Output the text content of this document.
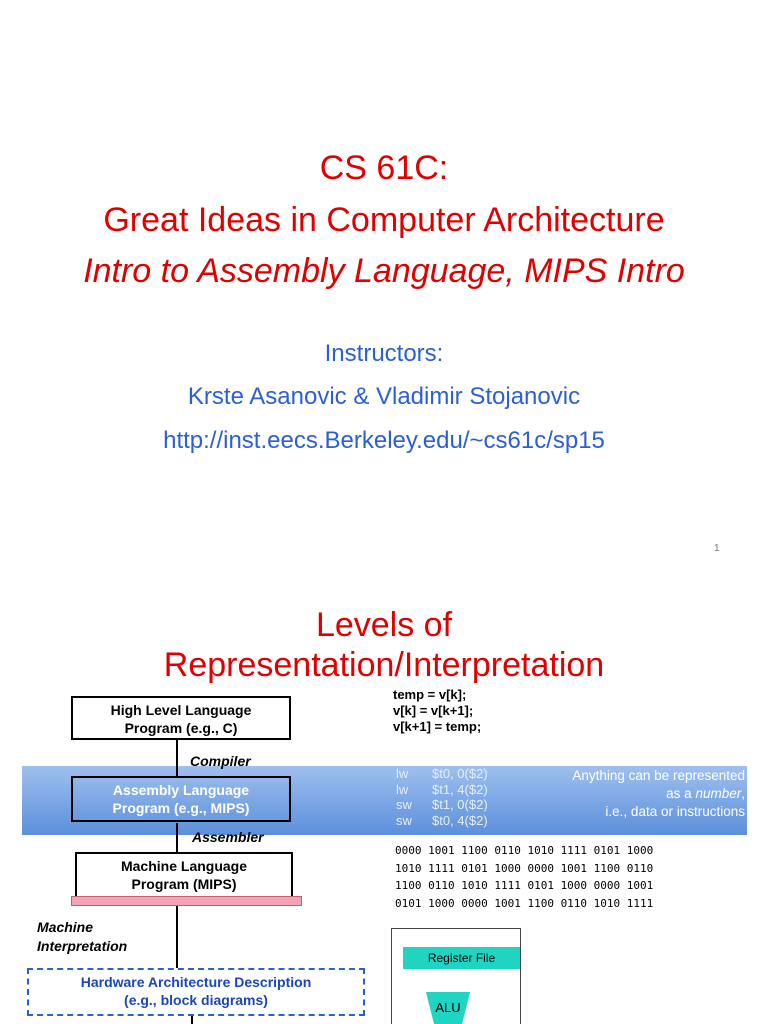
CS 61C:
Great Ideas in Computer Architecture
Intro to Assembly Language, MIPS Intro
Instructors:
Krste Asanovic & Vladimir Stojanovic
http://inst.eecs.Berkeley.edu/~cs61c/sp15
1
Levels of
Representation/Interpretation
High Level Language
Program (e.g., C)
Compiler
Assembly Language
Program (e.g., MIPS)
Assembler
Machine Language
Program (MIPS)
Machine
Interpretation
Hardware Architecture Description
(e.g., block diagrams)
temp = v[k];
v[k] = v[k+1];
v[k+1] = temp;
lw $t0, 0($2)
lw $t1, 4($2)
sw $t1, 0($2)
sw $t0, 4($2)
Anything can be represented
as a number,
i.e., data or instructions
0000 1001 1100 0110 1010 1111 0101 1000
1010 1111 0101 1000 0000 1001 1100 0110
1100 0110 1010 1111 0101 1000 0000 1001
0101 1000 0000 1001 1100 0110 1010 1111
Register File
ALU
